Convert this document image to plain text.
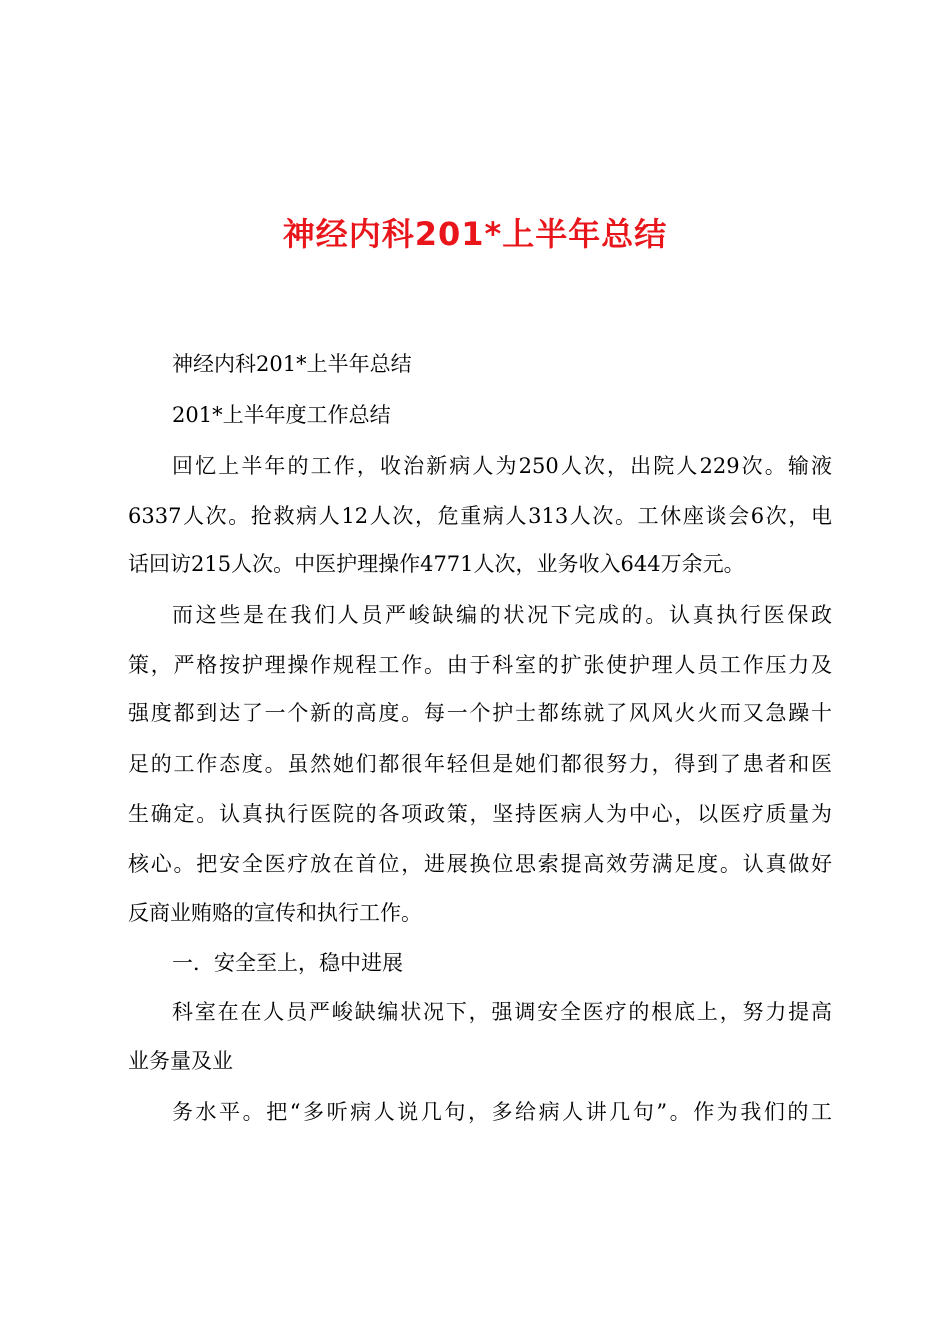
神经内科201*上半年总结
神经内科201*上半年总结
201*上半年度工作总结
回忆上半年的工作，收治新病人为250人次，出院人229次。输液
6337人次。抢救病人12人次，危重病人313人次。工休座谈会6次，电
话回访215人次。中医护理操作4771人次，业务收入644万余元。
而这些是在我们人员严峻缺编的状况下完成的。认真执行医保政
策，严格按护理操作规程工作。由于科室的扩张使护理人员工作压力及
强度都到达了一个新的高度。每一个护士都练就了风风火火而又急躁十
足的工作态度。虽然她们都很年轻但是她们都很努力，得到了患者和医
生确定。认真执行医院的各项政策，坚持医病人为中心，以医疗质量为
核心。把安全医疗放在首位，进展换位思索提高效劳满足度。认真做好
反商业贿赂的宣传和执行工作。
一．安全至上，稳中进展
科室在在人员严峻缺编状况下，强调安全医疗的根底上，努力提高
业务量及业
务水平。把“多听病人说几句，多给病人讲几句”。作为我们的工
